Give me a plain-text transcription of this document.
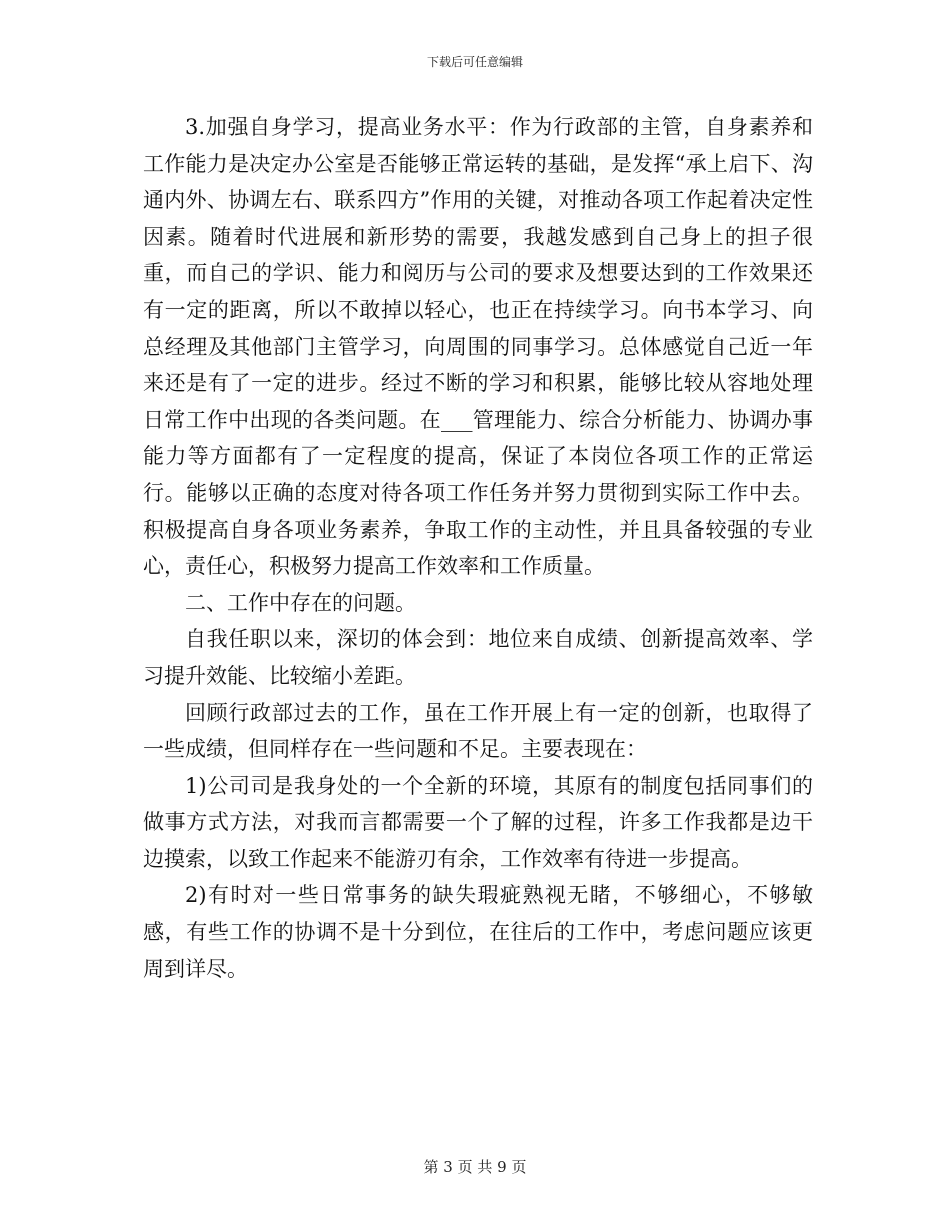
下载后可任意编辑

3.加强自身学习，提高业务水平：作为行政部的主管，自身素养和工作能力是决定办公室是否能够正常运转的基础，是发挥“承上启下、沟通内外、协调左右、联系四方”作用的关键，对推动各项工作起着决定性因素。随着时代进展和新形势的需要，我越发感到自己身上的担子很重，而自己的学识、能力和阅历与公司的要求及想要达到的工作效果还有一定的距离，所以不敢掉以轻心，也正在持续学习。向书本学习、向总经理及其他部门主管学习，向周围的同事学习。总体感觉自己近一年来还是有了一定的进步。经过不断的学习和积累，能够比较从容地处理日常工作中出现的各类问题。在___管理能力、综合分析能力、协调办事能力等方面都有了一定程度的提高，保证了本岗位各项工作的正常运行。能够以正确的态度对待各项工作任务并努力贯彻到实际工作中去。积极提高自身各项业务素养，争取工作的主动性，并且具备较强的专业心，责任心，积极努力提高工作效率和工作质量。

二、工作中存在的问题。

自我任职以来，深切的体会到：地位来自成绩、创新提高效率、学习提升效能、比较缩小差距。

回顾行政部过去的工作，虽在工作开展上有一定的创新，也取得了一些成绩，但同样存在一些问题和不足。主要表现在：

1)公司司是我身处的一个全新的环境，其原有的制度包括同事们的做事方式方法，对我而言都需要一个了解的过程，许多工作我都是边干边摸索，以致工作起来不能游刃有余，工作效率有待进一步提高。

2)有时对一些日常事务的缺失瑕疵熟视无睹，不够细心，不够敏感，有些工作的协调不是十分到位，在往后的工作中，考虑问题应该更周到详尽。

第 3 页 共 9 页
